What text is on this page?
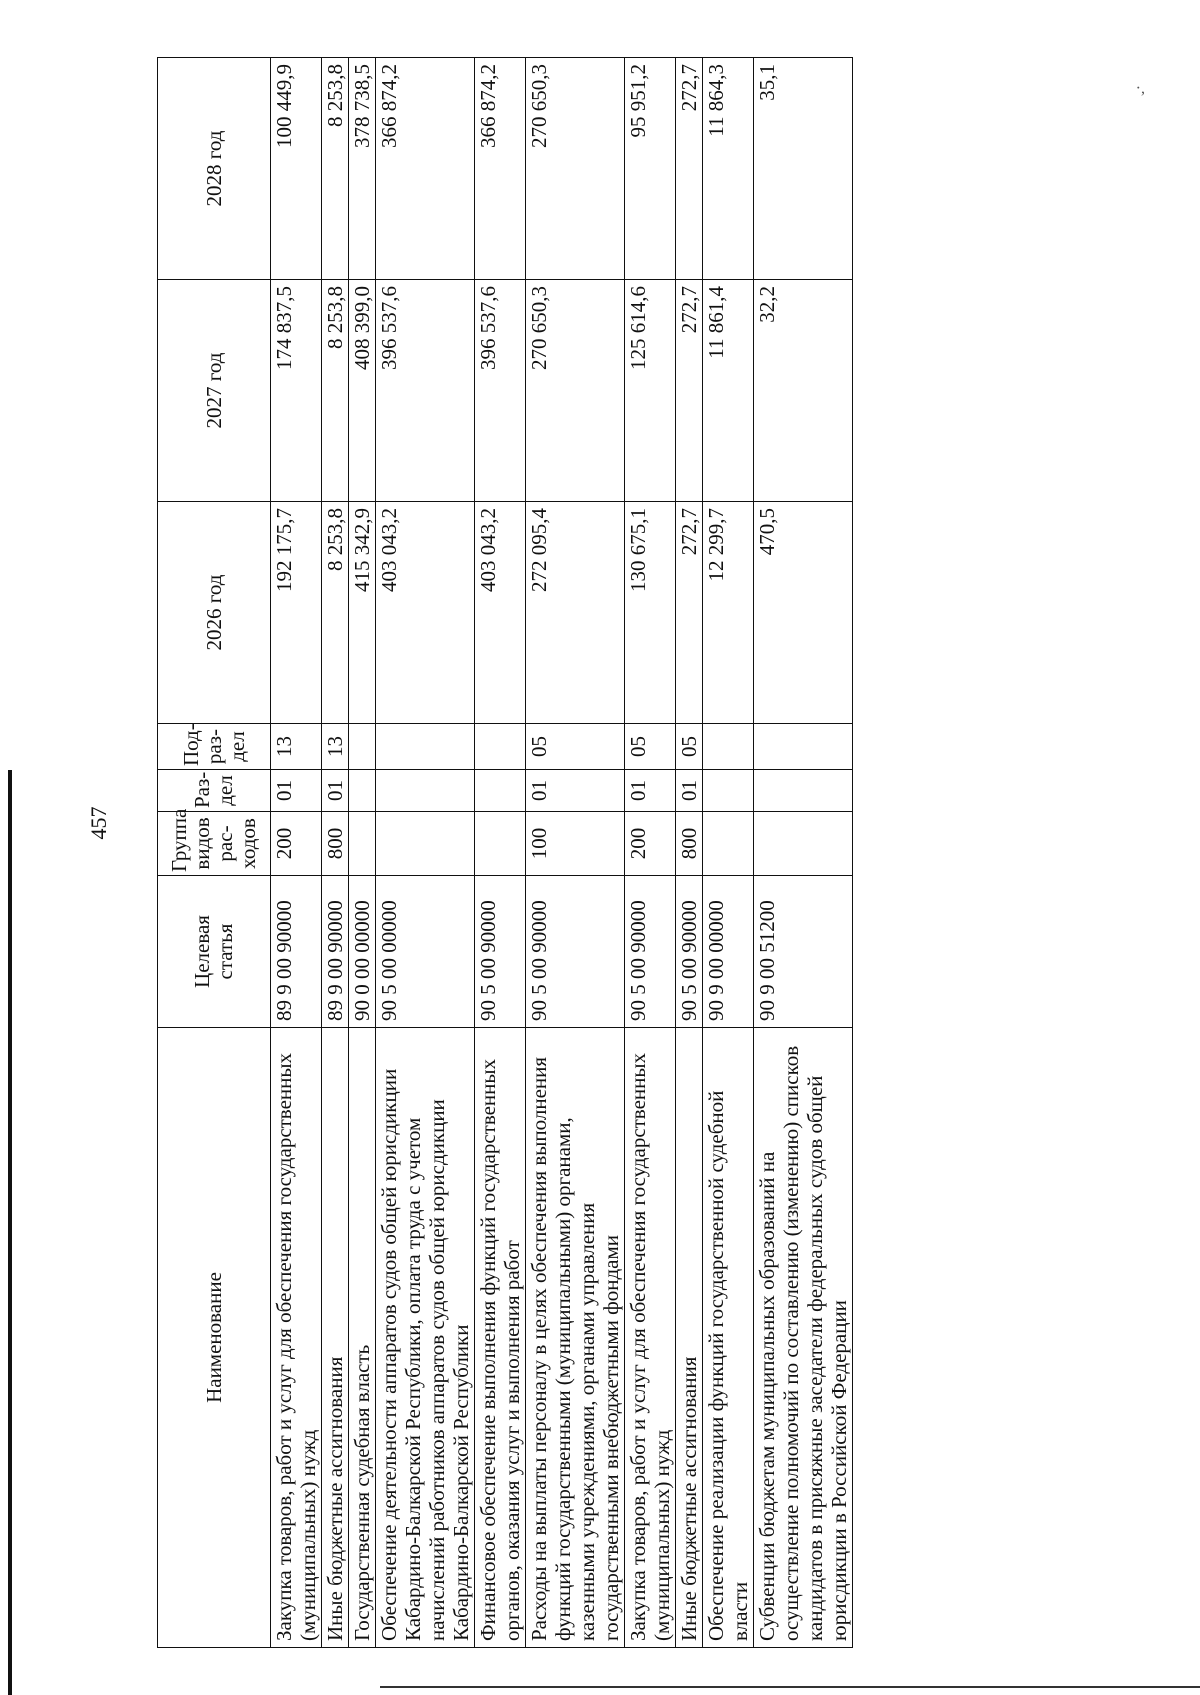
·,
457
Наименование	Целевая статья	Группа видов рас- ходов	Раз- дел	Под- раз- дел	2026 год	2027 год	2028 год
Закупка товаров, работ и услуг для обеспечения государственных (муниципальных) нужд	89 9 00 90000	200	01	13	192 175,7	174 837,5	100 449,9
Иные бюджетные ассигнования	89 9 00 90000	800	01	13	8 253,8	8 253,8	8 253,8
Государственная судебная власть	90 0 00 00000				415 342,9	408 399,0	378 738,5
Обеспечение деятельности аппаратов судов общей юрисдикции Кабардино-Балкарской Республики, оплата труда с учетом начислений работников аппаратов судов общей юрисдикции Кабардино-Балкарской Республики	90 5 00 00000				403 043,2	396 537,6	366 874,2
Финансовое обеспечение выполнения функций государственных органов, оказания услуг и выполнения работ	90 5 00 90000				403 043,2	396 537,6	366 874,2
Расходы на выплаты персоналу в целях обеспечения выполнения функций государственными (муниципальными) органами, казенными учреждениями, органами управления государственными внебюджетными фондами	90 5 00 90000	100	01	05	272 095,4	270 650,3	270 650,3
Закупка товаров, работ и услуг для обеспечения государственных (муниципальных) нужд	90 5 00 90000	200	01	05	130 675,1	125 614,6	95 951,2
Иные бюджетные ассигнования	90 5 00 90000	800	01	05	272,7	272,7	272,7
Обеспечение реализации функций государственной судебной власти	90 9 00 00000				12 299,7	11 861,4	11 864,3
Субвенции бюджетам муниципальных образований на осуществление полномочий по составлению (изменению) списков кандидатов в присяжные заседатели федеральных судов общей юрисдикции в Российской Федерации	90 9 00 51200				470,5	32,2	35,1
